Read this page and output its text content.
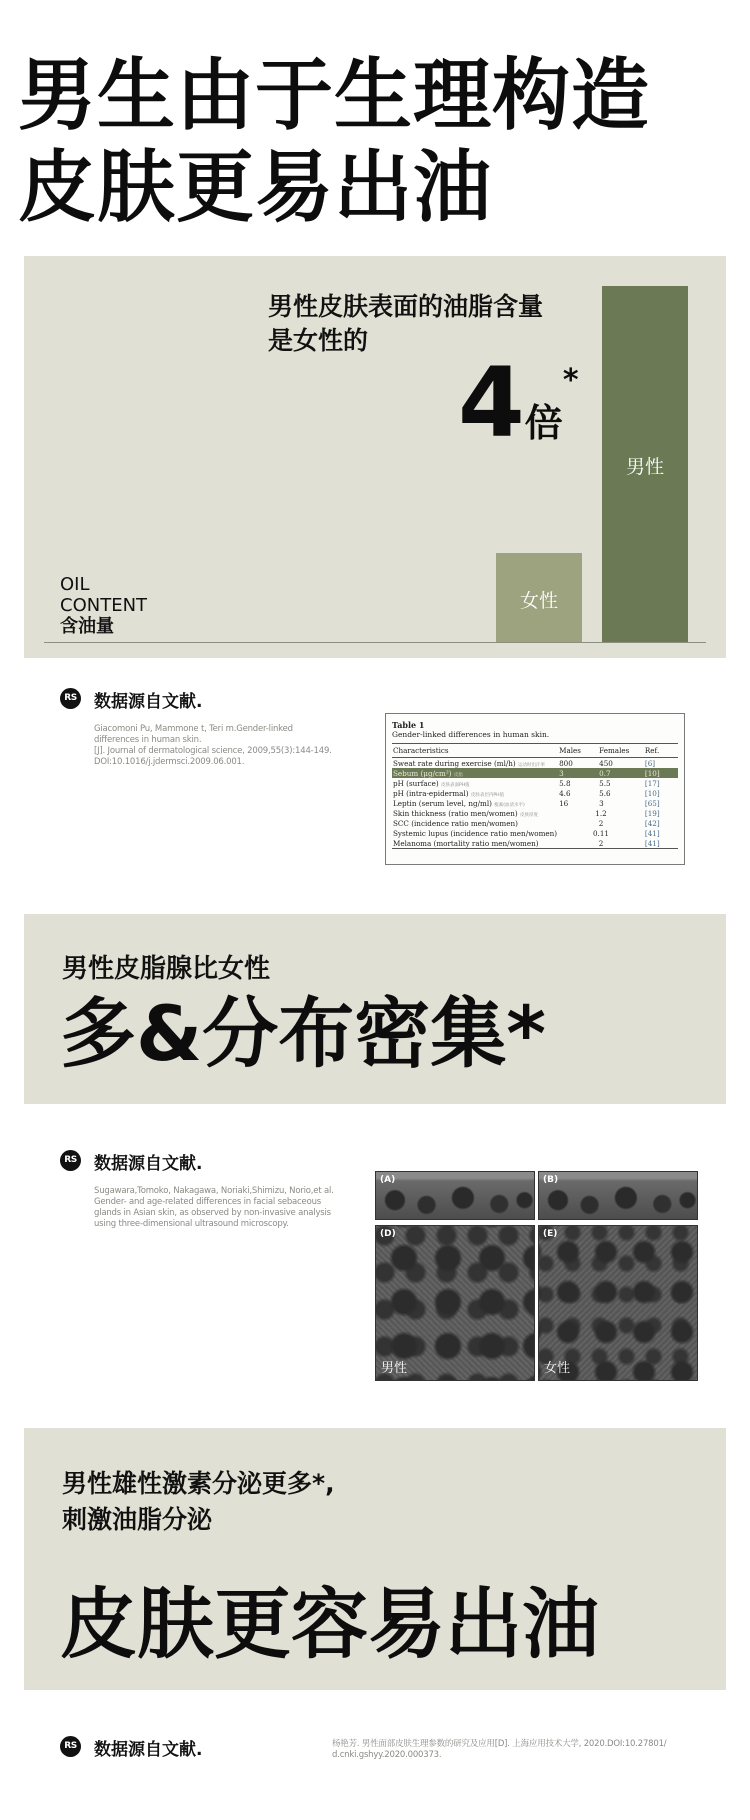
男生由于生理构造
皮肤更易出油
男性皮肤表面的油脂含量
是女性的
4倍*
男性
女性
OIL
CONTENT
含油量
RS 数据源自文献.
Giacomoni Pu, Mammone t, Teri m.Gender-linked
differences in human skin.
[J]. Journal of dermatological science, 2009,55(3):144-149.
DOI:10.1016/j.jdermsci.2009.06.001.
Table 1
Gender-linked differences in human skin.
Characteristics	Males	Females	Ref.
Sweat rate during exercise (ml/h) 运动时出汗率	800	450	[6]
Sebum (μg/cm²) 皮脂	3	0.7	[10]
pH (surface) 皮肤表面PH值	5.8	5.5	[17]
pH (intra-epidermal) 皮肤表层内PH值	4.6	5.6	[10]
Leptin (serum level, ng/ml) 瘦素(血清水平)	16	3	[65]
Skin thickness (ratio men/women) 皮肤厚度	1.2		[19]
SCC (incidence ratio men/women)	2		[42]
Systemic lupus (incidence ratio men/women)	0.11		[41]
Melanoma (mortality ratio men/women)	2		[41]
男性皮脂腺比女性
多&分布密集*
RS 数据源自文献.
Sugawara,Tomoko, Nakagawa, Noriaki,Shimizu, Norio,et al.
Gender- and age-related differences in facial sebaceous
glands in Asian skin, as observed by non-invasive analysis
using three-dimensional ultrasound microscopy.
(A)	(B)
(D)
男性
(E)
女性
男性雄性激素分泌更多*,
刺激油脂分泌
皮肤更容易出油
RS 数据源自文献.	杨艳芳. 男性面部皮肤生理参数的研究及应用[D]. 上海应用技术大学, 2020.DOI:10.27801/
d.cnki.gshyy.2020.000373.
